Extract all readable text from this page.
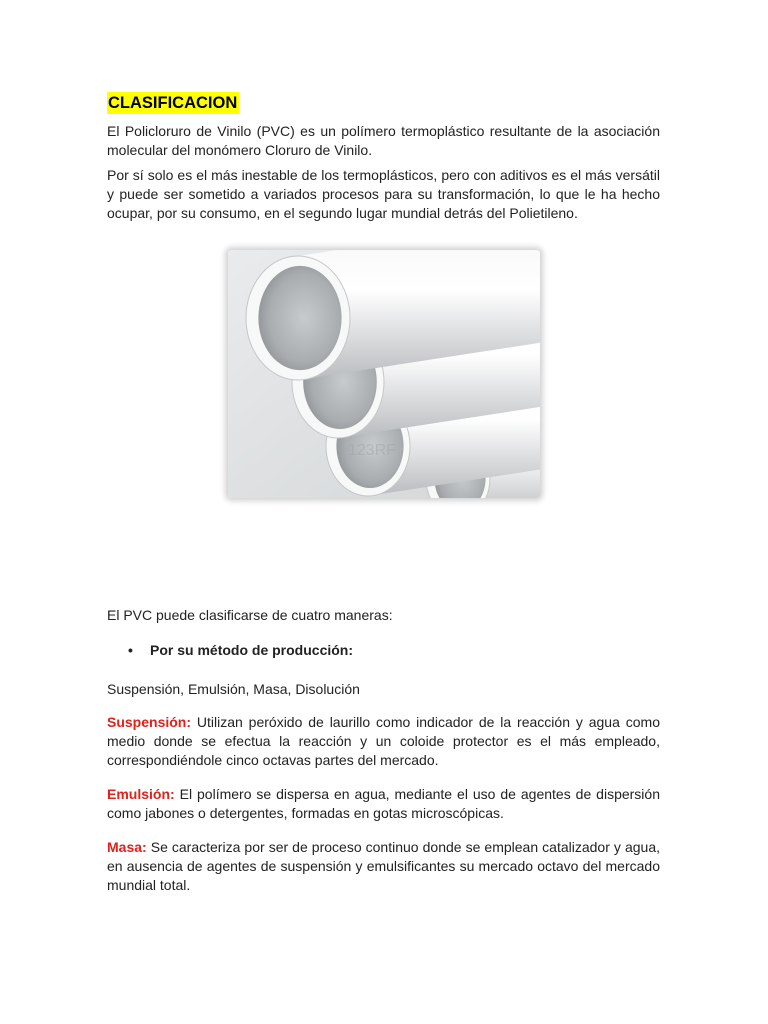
CLASIFICACION

El Policloruro de Vinilo (PVC) es un polímero termoplástico resultante de la asociación molecular del monómero Cloruro de Vinilo.

Por sí solo es el más inestable de los termoplásticos, pero con aditivos es el más versátil y puede ser sometido a variados procesos para su transformación, lo que le ha hecho ocupar, por su consumo, en el segundo lugar mundial detrás del Polietileno.

123RF

El PVC puede clasificarse de cuatro maneras:

• Por su método de producción:

Suspensión, Emulsión, Masa, Disolución

Suspensión: Utilizan peróxido de laurillo como indicador de la reacción y agua como medio donde se efectua la reacción y un coloide protector es el más empleado, correspondiéndole cinco octavas partes del mercado.

Emulsión: El polímero se dispersa en agua, mediante el uso de agentes de dispersión como jabones o detergentes, formadas en gotas microscópicas.

Masa: Se caracteriza por ser de proceso continuo donde se emplean catalizador y agua, en ausencia de agentes de suspensión y emulsificantes su mercado octavo del mercado mundial total.
